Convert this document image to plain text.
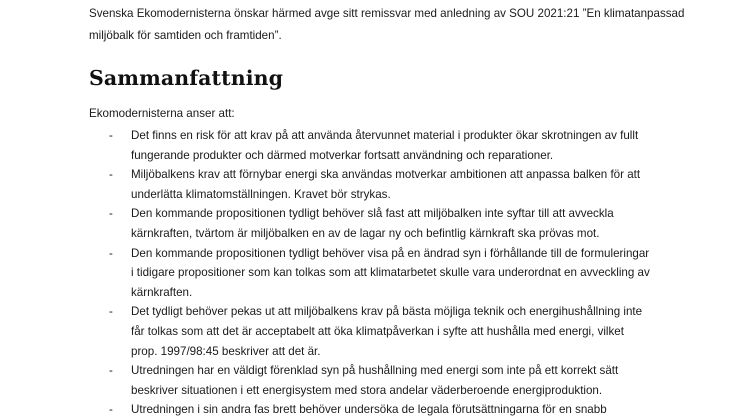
Svenska Ekomodernisterna önskar härmed avge sitt remissvar med anledning av SOU 2021:21 ”En klimatanpassad miljöbalk för samtiden och framtiden”.

Sammanfattning

Ekomodernisterna anser att:

- Det finns en risk för att krav på att använda återvunnet material i produkter ökar skrotningen av fullt fungerande produkter och därmed motverkar fortsatt användning och reparationer.
- Miljöbalkens krav att förnybar energi ska användas motverkar ambitionen att anpassa balken för att underlätta klimatomställningen. Kravet bör strykas.
- Den kommande propositionen tydligt behöver slå fast att miljöbalken inte syftar till att avveckla kärnkraften, tvärtom är miljöbalken en av de lagar ny och befintlig kärnkraft ska prövas mot.
- Den kommande propositionen tydligt behöver visa på en ändrad syn i förhållande till de formuleringar i tidigare propositioner som kan tolkas som att klimatarbetet skulle vara underordnat en avveckling av kärnkraften.
- Det tydligt behöver pekas ut att miljöbalkens krav på bästa möjliga teknik och energihushållning inte får tolkas som att det är acceptabelt att öka klimatpåverkan i syfte att hushålla med energi, vilket prop. 1997/98:45 beskriver att det är.
- Utredningen har en väldigt förenklad syn på hushållning med energi som inte på ett korrekt sätt beskriver situationen i ett energisystem med stora andelar väderberoende energiproduktion.
- Utredningen i sin andra fas brett behöver undersöka de legala förutsättningarna för en snabb
